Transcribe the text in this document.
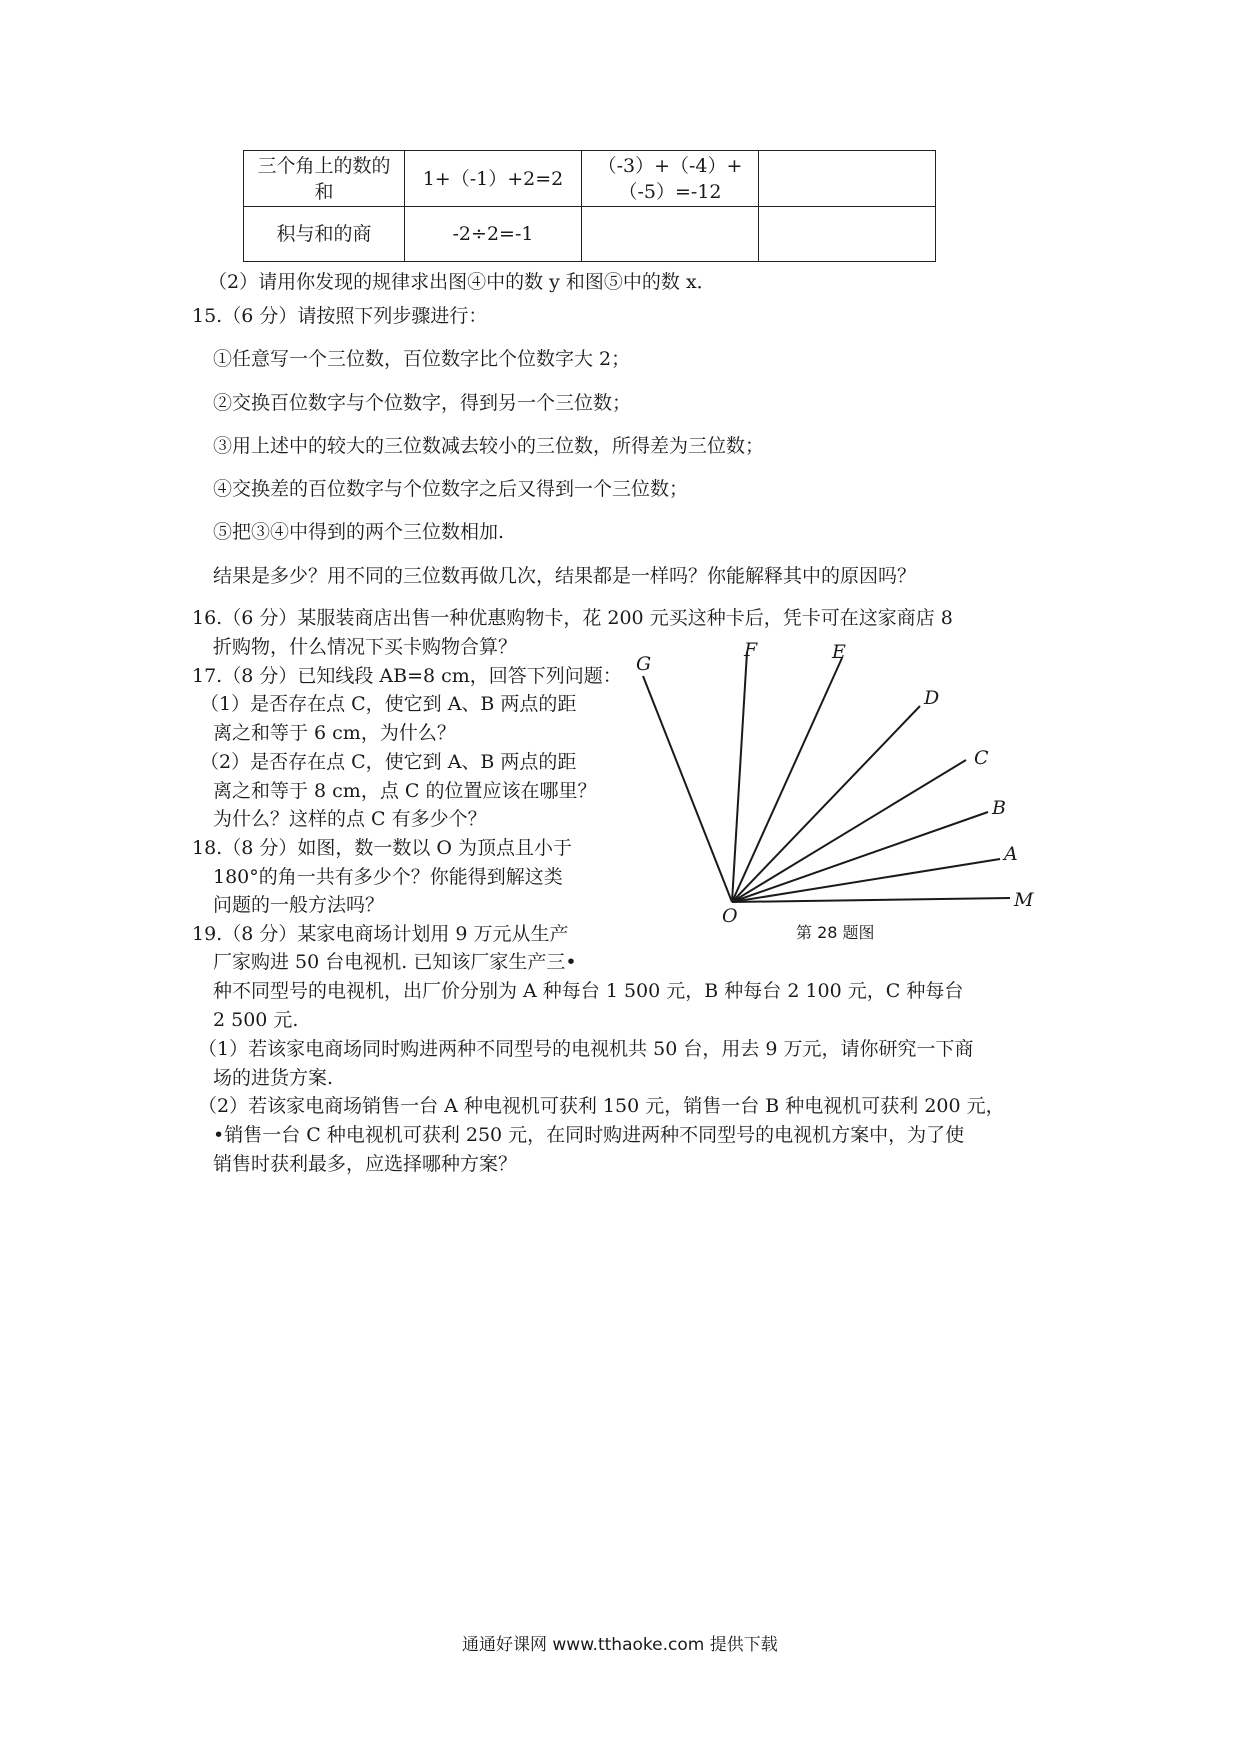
三个角上的数的和	1+（-1）+2=2	（-3）+（-4）+（-5）=-12	

积与和的商	-2÷2=-1		
（2）请用你发现的规律求出图④中的数 y 和图⑤中的数 x．
15.（6 分）请按照下列步骤进行：
①任意写一个三位数，百位数字比个位数字大 2；
②交换百位数字与个位数字，得到另一个三位数；
③用上述中的较大的三位数减去较小的三位数，所得差为三位数；
④交换差的百位数字与个位数字之后又得到一个三位数；
⑤把③④中得到的两个三位数相加.
结果是多少？用不同的三位数再做几次，结果都是一样吗？你能解释其中的原因吗？
16.（6 分）某服装商店出售一种优惠购物卡，花 200 元买这种卡后，凭卡可在这家商店 8
折购物，什么情况下买卡购物合算？
17.（8 分）已知线段 AB=8 cm，回答下列问题：
（1）是否存在点 C，使它到 A、B 两点的距
离之和等于 6 cm，为什么？
（2）是否存在点 C，使它到 A、B 两点的距
离之和等于 8 cm，点 C 的位置应该在哪里？
为什么？这样的点 C 有多少个？
18.（8 分）如图，数一数以 O 为顶点且小于
180°的角一共有多少个？你能得到解这类
问题的一般方法吗？
19.（8 分）某家电商场计划用 9 万元从生产
厂家购进 50 台电视机. 已知该厂家生产三•
种不同型号的电视机，出厂价分别为 A 种每台 1 500 元，B 种每台 2 100 元，C 种每台
2 500 元.
（1）若该家电商场同时购进两种不同型号的电视机共 50 台，用去 9 万元，请你研究一下商
场的进货方案.
（2）若该家电商场销售一台 A 种电视机可获利 150 元，销售一台 B 种电视机可获利 200 元，
•销售一台 C 种电视机可获利 250 元，在同时购进两种不同型号的电视机方案中，为了使
销售时获利最多，应选择哪种方案？
M
A
B
C
D
E
F
G
O
第 28 题图
通通好课网 www.tthaoke.com 提供下载
